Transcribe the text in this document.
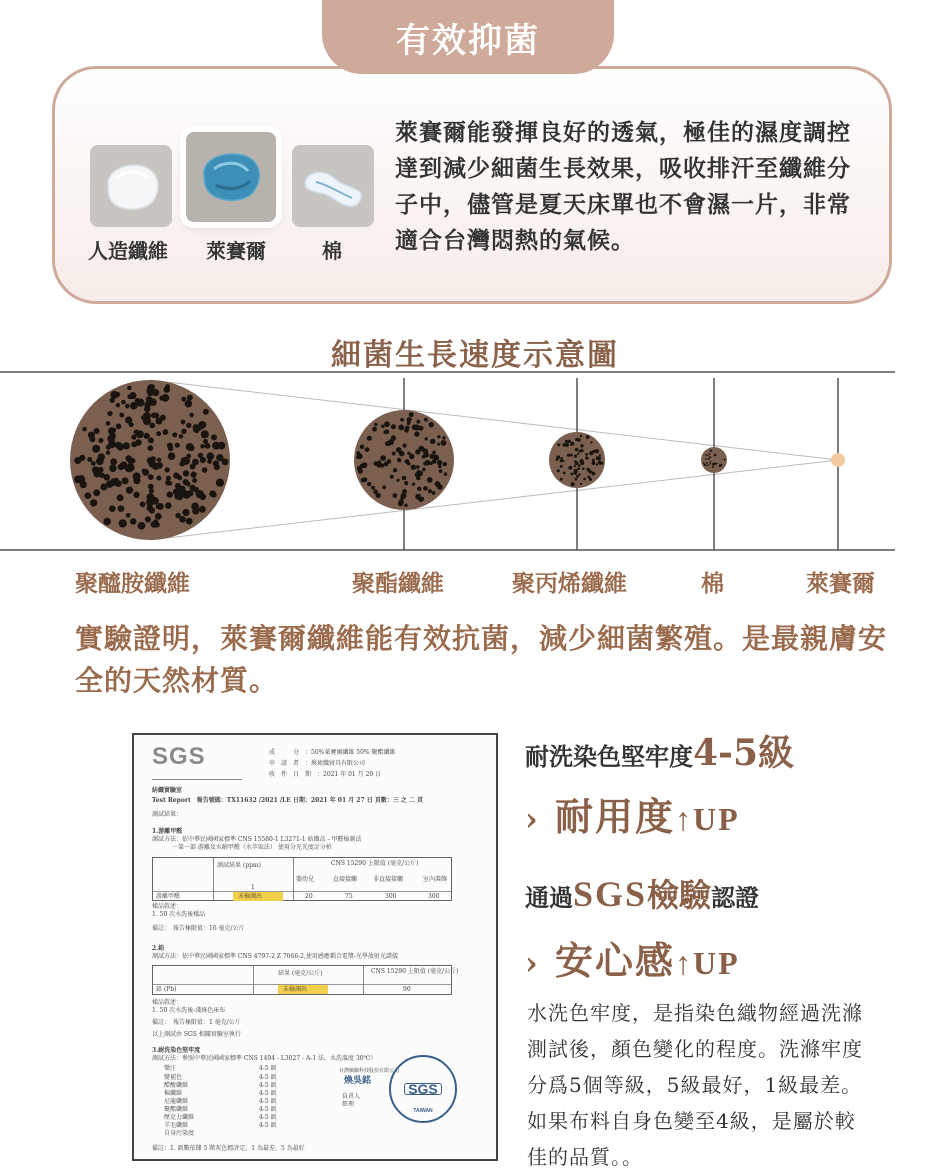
有效抑菌
人造纖維 萊賽爾	棉
萊賽爾能發揮良好的透氣，極佳的濕度調控達到減少細菌生長效果，吸收排汗至纖維分子中，儘管是夏天床單也不會濕一片，非常適合台灣悶熱的氣候。
細菌生長速度示意圖
聚醯胺纖維	聚酯纖維	聚丙烯纖維	棉	萊賽爾
實驗證明，萊賽爾纖維能有效抗菌，減少細菌繁殖。是最親膚安全的天然材質。
SGS	成　　　分　 ：50%萊賽爾纖維 50% 聚酯纖維
申　請　者　 ：煥琉織寢具有限公司
收　件　日　期　 ：2021 年 01 月 20 日
紡織實驗室
Test Report　報告號碼：TX11632 /2021 /LE 日期：2021 年 01 月 27 日 頁數：三 之 二 頁
測試結果：
1.游離甲醛
測試方法：依中華民國國家標準 CNS 15580-1 L3271-1 紡織品 - 甲醛檢測法
－第一部 游離及水解甲醛（水萃取法） 使用分光光度計分析
測試結果 (ppm)	CNS 15290 上限值 (毫克/公斤)
嬰幼兒	直接接觸	非直接接觸	室內裝飾
1
游離甲醛	未檢測出	20	75	300	300
樣品敘述：
1. 50 次水洗後樣品
備註：　報告極限值：16 毫克/公斤
2.鉛
測試方法：依中華民國國家標準 CNS 4797-2 Z 7066-2,使用感應耦合電漿-光學放射光譜儀
結果 (毫克/公斤)	CNS 15290 上限值 (毫克/公斤)
鉛 (Pb)	未檢測出	90
樣品敘述：
1. 50 次水洗後-淺綠色床布
備註：　報告極限值：1 毫克/公斤
以上測試由 SGS 相關實驗室執行
3.耐洗染色堅牢度
測試方法：參照中華民國國家標準 CNS 1494 - L3027 - A-1 法，水洗溫度 30℃）
台灣檢驗科技股份有限公司
煥吳銘
負責人
經理
SGS
TAIWAN
備註：1. 級數依據 5 階灰色標評定，1 為最差，5 為最好
樂汙	4-5 級
變褪色	4-5 級
醋酸纖維	4-5 級
棉纖維	4-5 級
尼龍纖維	4-5 級
聚酯纖維	4-5 級
壓克力纖維	4-5 級
羊毛纖維	4-5 級
自身污染度
耐洗染色堅牢度4-5級
› 耐用度↑UP
通過SGS檢驗認證
› 安心感↑UP
水洗色牢度，是指染色織物經過洗滌測試後，顏色變化的程度。洗滌牢度分爲5個等級，5級最好，1級最差。　如果布料自身色變至4級，是屬於較佳的品質。。
